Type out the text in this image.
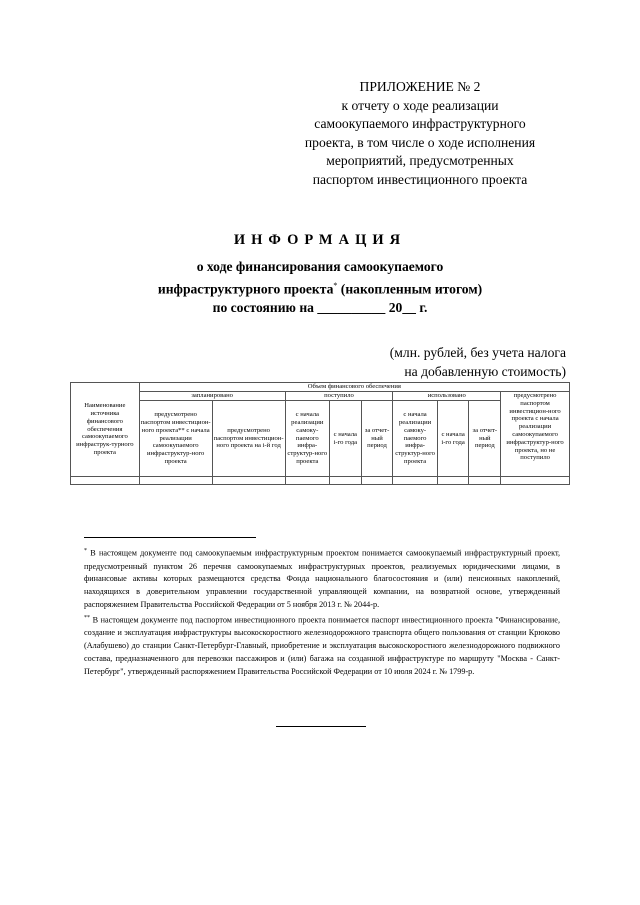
ПРИЛОЖЕНИЕ № 2
к отчету о ходе реализации
самоокупаемого инфраструктурного
проекта, в том числе о ходе исполнения
мероприятий, предусмотренных
паспортом инвестиционного проекта
ИНФОРМАЦИЯ
о ходе финансирования самоокупаемого
инфраструктурного проекта* (накопленным итогом)
по состоянию на __________ 20__ г.
(млн. рублей, без учета налога
на добавленную стоимость)
Наименование источника финансового обеспечения самоокупаемого инфраструк-турного проекта	Объем финансового обеспечения								
	запланировано		поступило			использовано			предусмотрено паспортом инвестицион-ного проекта с начала реализации самоокупаемого инфраструктур-ного проекта, но не поступило
	предусмотрено паспортом инвестицион-ного проекта** с начала реализации самоокупаемого инфраструктур-ного проекта	предусмотрено паспортом инвестицион-ного проекта на i-й год	с начала реализации самоку-паемого инфра-структур-ного проекта	с начала i-го года	за отчет-ный период	с начала реализации самоку-паемого инфра-структур-ного проекта	с начала i-го года	за отчет-ный период	

* В настоящем документе под самоокупаемым инфраструктурным проектом понимается самоокупаемый инфраструктурный проект, предусмотренный пунктом 26 перечня самоокупаемых инфраструктурных проектов, реализуемых юридическими лицами, в финансовые активы которых размещаются средства Фонда национального благосостояния и (или) пенсионных накоплений, находящихся в доверительном управлении государственной управляющей компании, на возвратной основе, утвержденный распоряжением Правительства Российской Федерации от 5 ноября 2013 г. № 2044-р.

** В настоящем документе под паспортом инвестиционного проекта понимается паспорт инвестиционного проекта "Финансирование, создание и эксплуатация инфраструктуры высокоскоростного железнодорожного транспорта общего пользования от станции Крюково (Алабушево) до станции Санкт-Петербург-Главный, приобретение и эксплуатация высокоскоростного железнодорожного подвижного состава, предназначенного для перевозки пассажиров и (или) багажа на созданной инфраструктуре по маршруту "Москва - Санкт-Петербург", утвержденный распоряжением Правительства Российской Федерации от 10 июля 2024 г. № 1799-р.
